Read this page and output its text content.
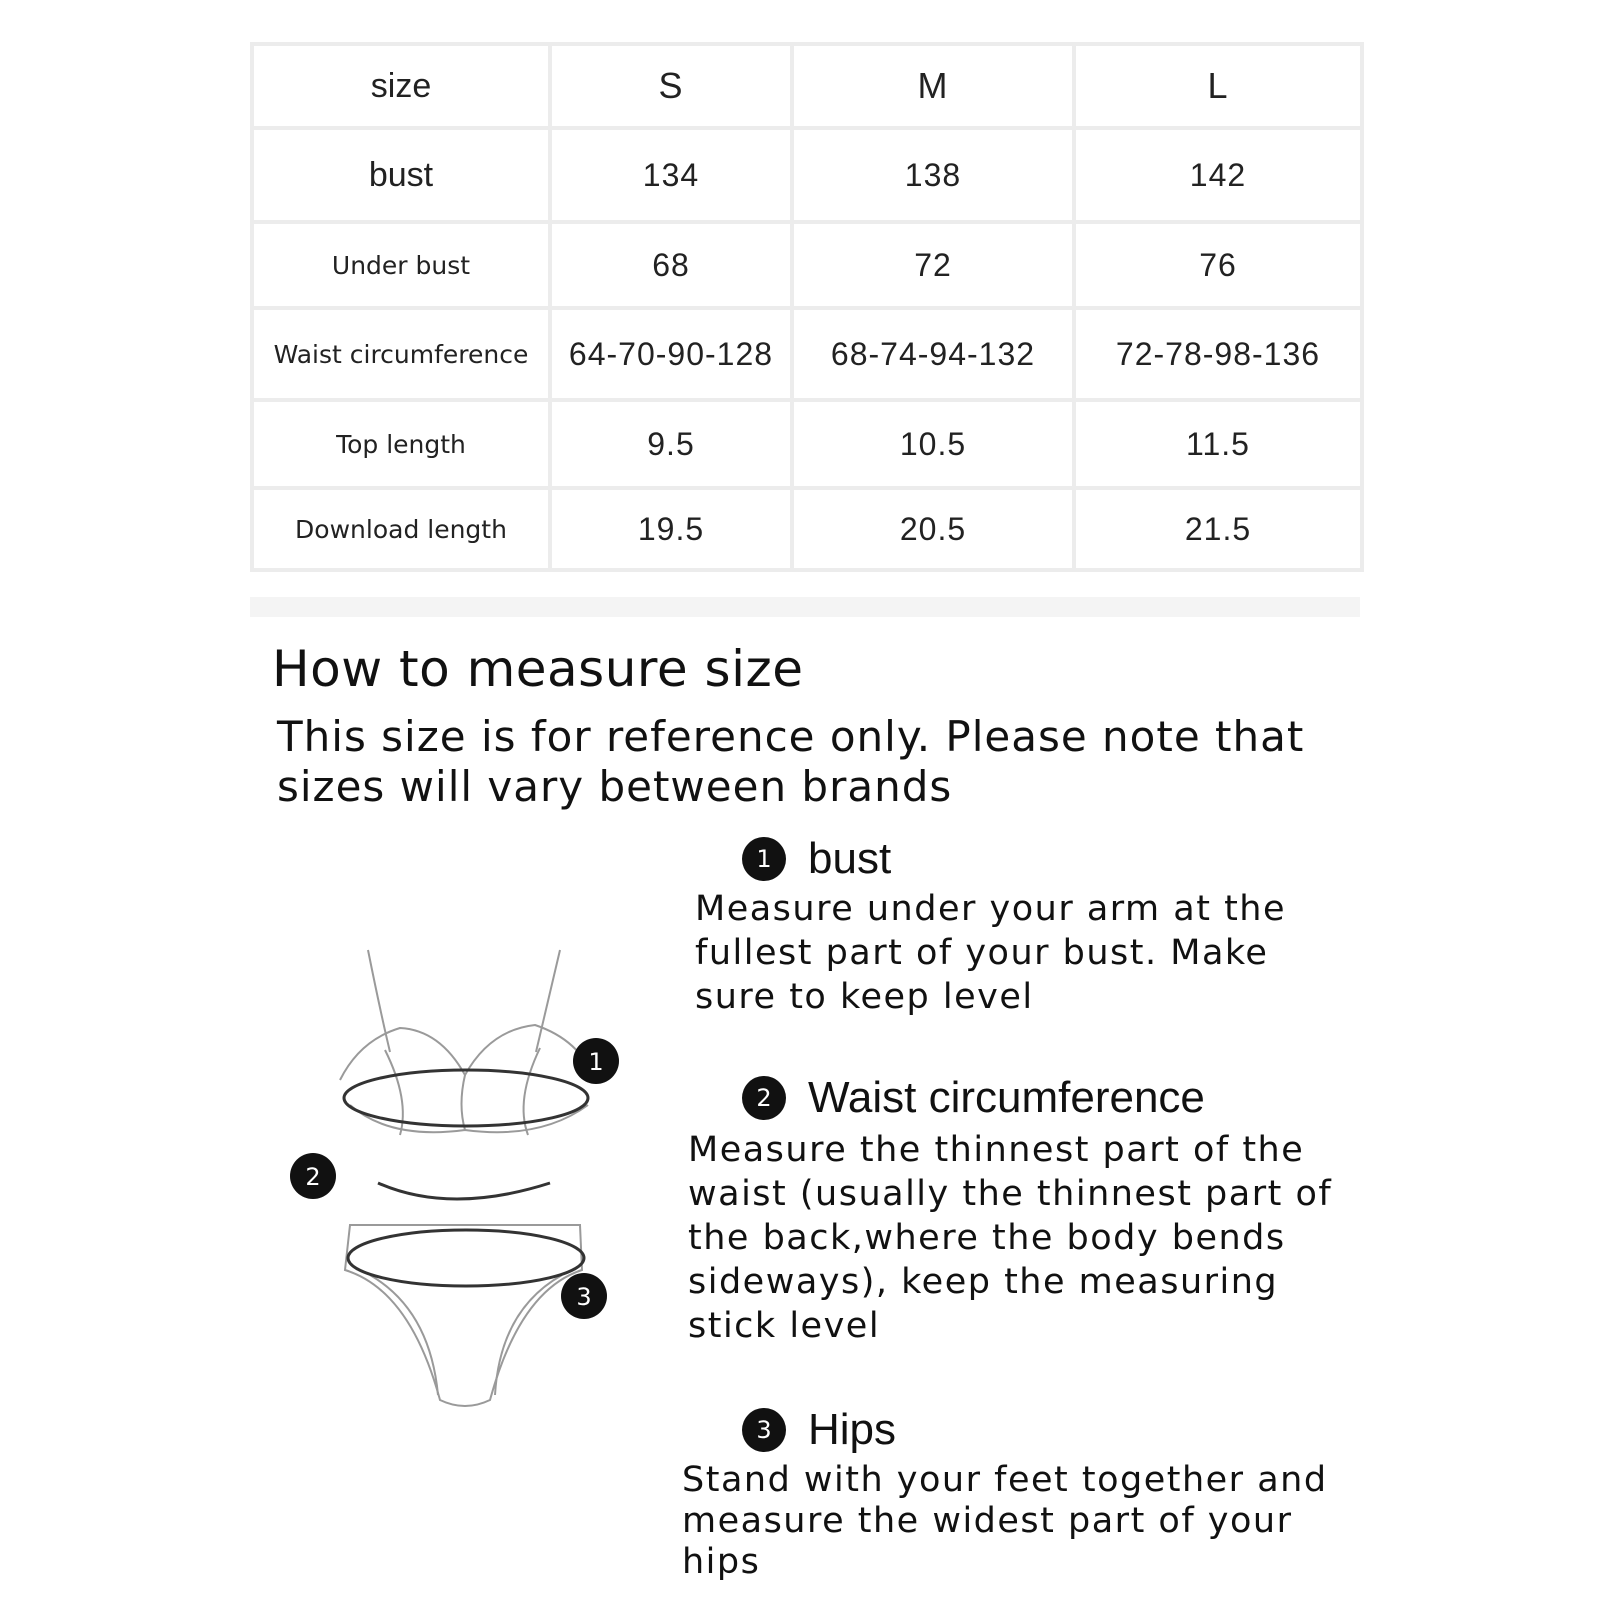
size	S	M	L
bust	134	138	142
Under bust	68	72	76
Waist circumference	64-70-90-128	68-74-94-132	72-78-98-136
Top length	9.5	10.5	11.5
Download length	19.5	20.5	21.5
How to measure size

This size is for reference only. Please note that sizes will vary between brands

1
2
3
1 bust

Measure under your arm at the fullest part of your bust. Make sure to keep level

2 Waist circumference

Measure the thinnest part of the waist (usually the thinnest part of the back,where the body bends sideways), keep the measuring stick level

3 Hips

Stand with your feet together and measure the widest part of your hips
